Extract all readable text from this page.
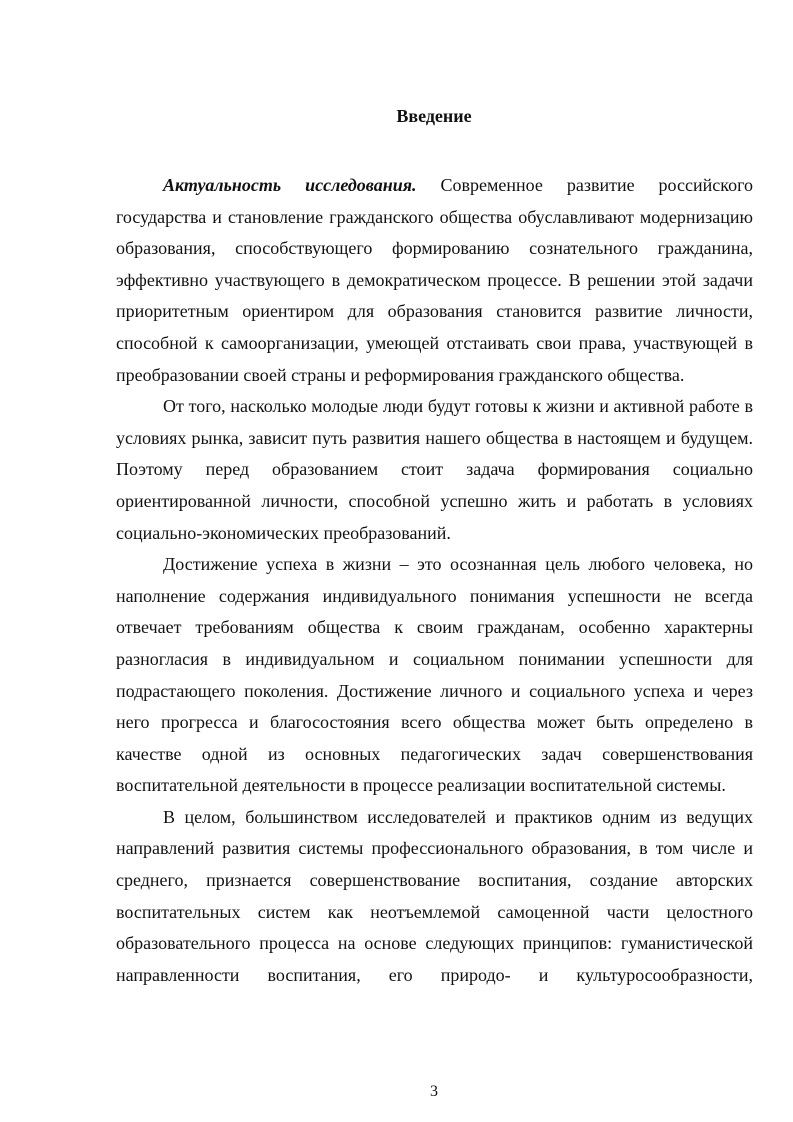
Введение

Актуальность исследования. Современное развитие российского государства и становление гражданского общества обуславливают модернизацию образования, способствующего формированию сознательного гражданина, эффективно участвующего в демократическом процессе. В решении этой задачи приоритетным ориентиром для образования становится развитие личности, способной к самоорганизации, умеющей отстаивать свои права, участвующей в преобразовании своей страны и реформирования гражданского общества.

От того, насколько молодые люди будут готовы к жизни и активной работе в условиях рынка, зависит путь развития нашего общества в настоящем и будущем. Поэтому перед образованием стоит задача формирования социально ориентированной личности, способной успешно жить и работать в условиях социально-экономических преобразований.

Достижение успеха в жизни – это осознанная цель любого человека, но наполнение содержания индивидуального понимания успешности не всегда отвечает требованиям общества к своим гражданам, особенно характерны разногласия в индивидуальном и социальном понимании успешности для подрастающего поколения. Достижение личного и социального успеха и через него прогресса и благосостояния всего общества может быть определено в качестве одной из основных педагогических задач совершенствования воспитательной деятельности в процессе реализации воспитательной системы.

В целом, большинством исследователей и практиков одним из ведущих направлений развития системы профессионального образования, в том числе и среднего, признается совершенствование воспитания, создание авторских воспитательных систем как неотъемлемой самоценной части целостного образовательного процесса на основе следующих принципов: гуманистической направленности воспитания, его природо- и культуросообразности,

3
